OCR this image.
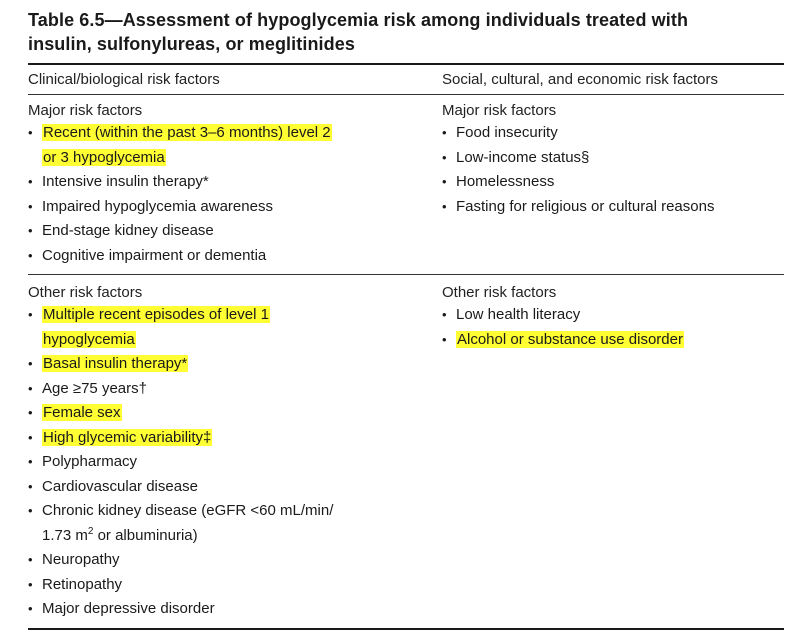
Table 6.5—Assessment of hypoglycemia risk among individuals treated with
insulin, sulfonylureas, or meglitinides
Clinical/biological risk factors	Social, cultural, and economic risk factors
Major risk factors
• Recent (within the past 3–6 months) level 2
or 3 hypoglycemia
• Intensive insulin therapy*
• Impaired hypoglycemia awareness
• End-stage kidney disease
• Cognitive impairment or dementia
Major risk factors
• Food insecurity
• Low-income status§
• Homelessness
• Fasting for religious or cultural reasons
Other risk factors
• Multiple recent episodes of level 1
hypoglycemia
• Basal insulin therapy*
• Age ≥75 years†
• Female sex
• High glycemic variability‡
• Polypharmacy
• Cardiovascular disease
• Chronic kidney disease (eGFR <60 mL/min/
1.73 $m^2$ or albuminuria)
• Neuropathy
• Retinopathy
• Major depressive disorder
Other risk factors
• Low health literacy
• Alcohol or substance use disorder
